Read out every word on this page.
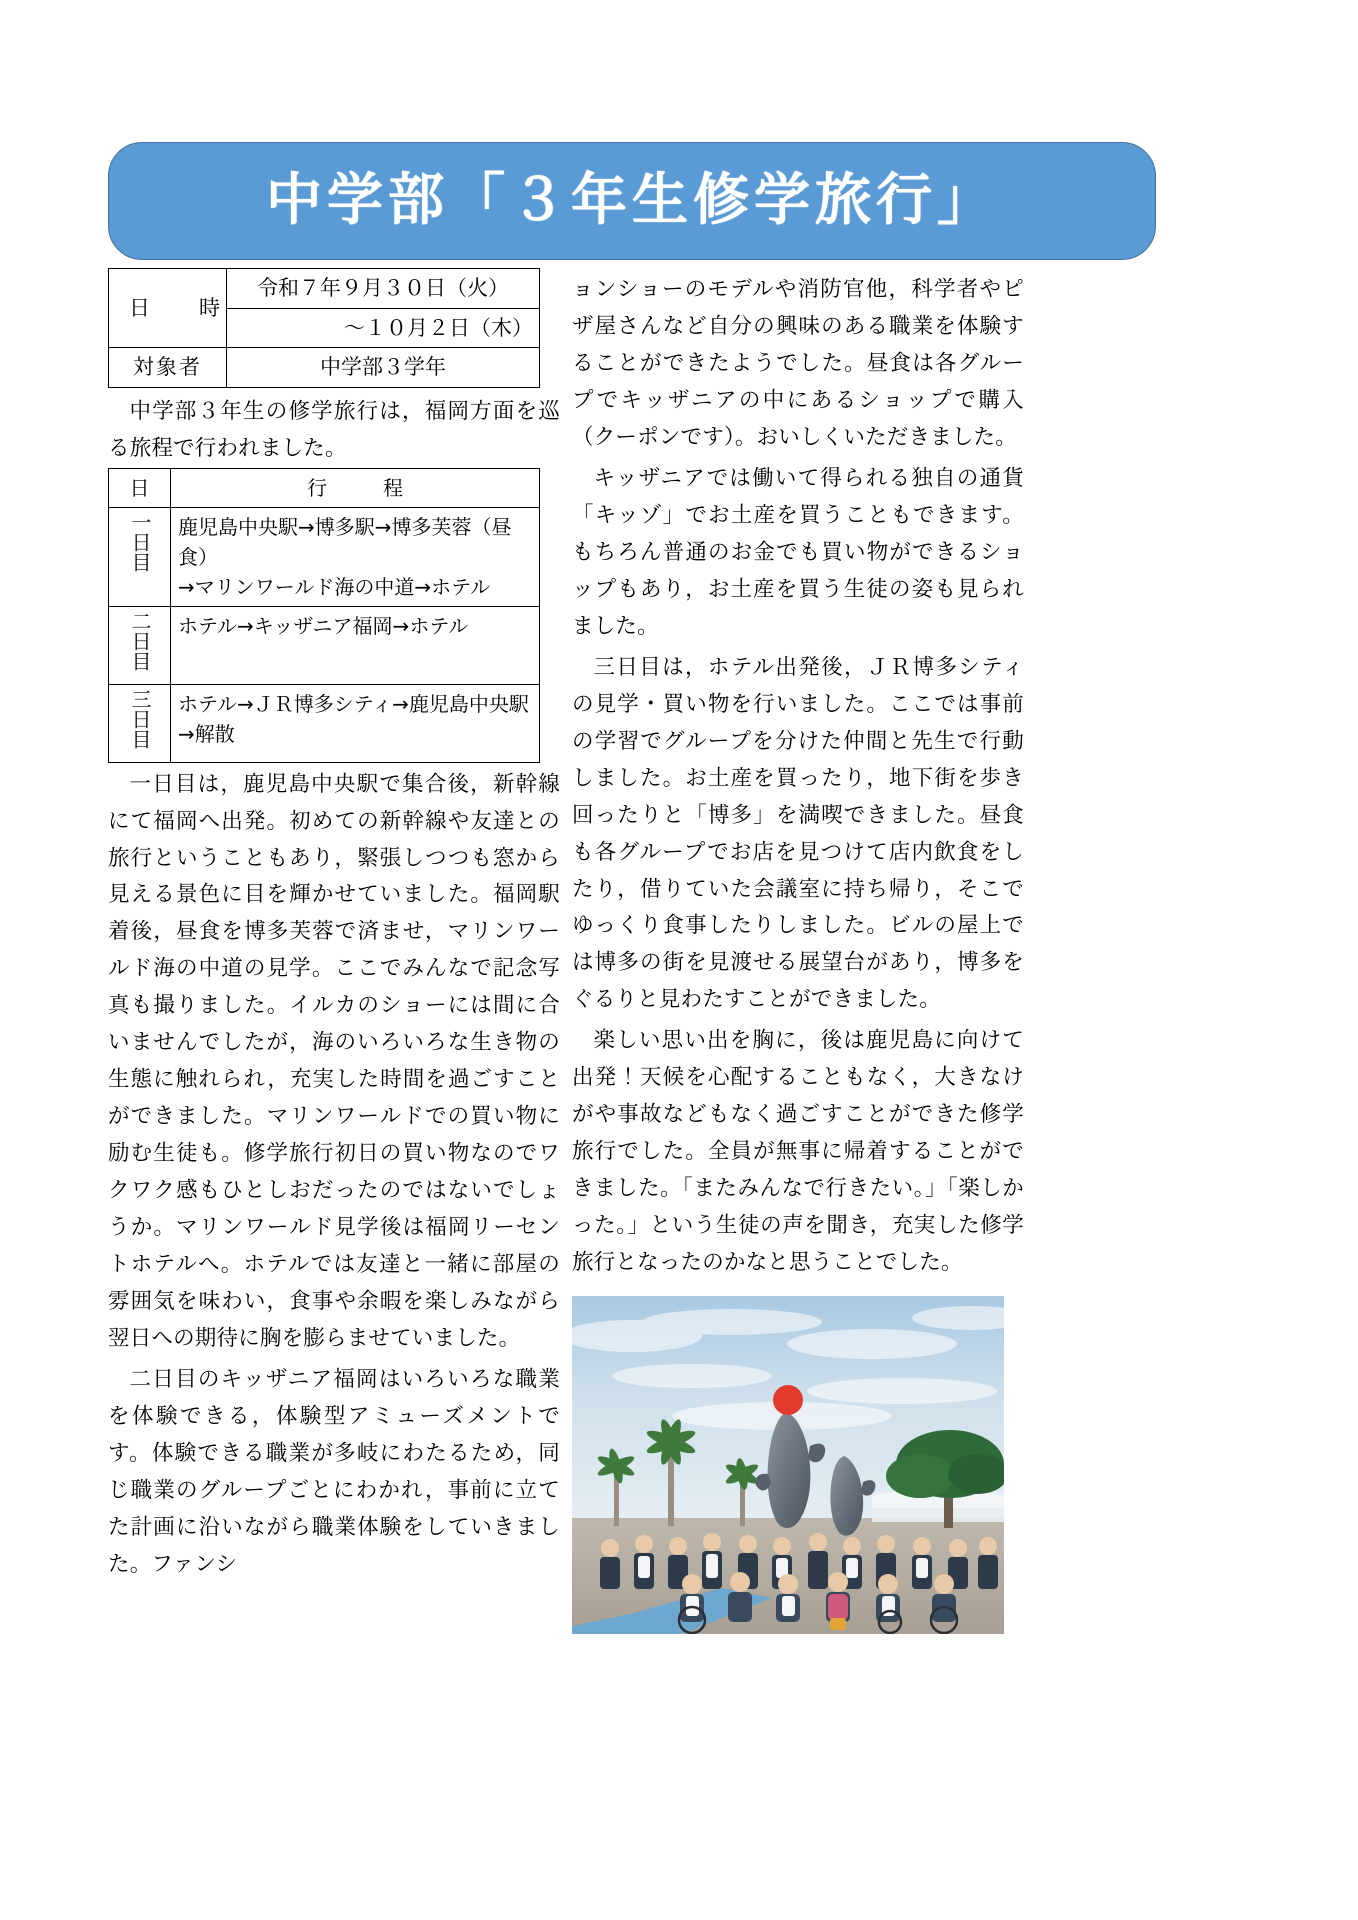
中学部「３年生修学旅行」
日　時	令和７年９月３０日（火）
	～１０月２日（木）
対象者	中学部３学年

中学部３年生の修学旅行は，福岡方面を巡る旅程で行われました。

日	行　程
一日目	鹿児島中央駅→博多駅→博多芙蓉（昼食）
→マリンワールド海の中道→ホテル

二日目	ホテル→キッザニア福岡→ホテル

三日目	ホテル→ＪＲ博多シティ→鹿児島中央駅
→解散

一日目は，鹿児島中央駅で集合後，新幹線にて福岡へ出発。初めての新幹線や友達との旅行ということもあり，緊張しつつも窓から見える景色に目を輝かせていました。福岡駅着後，昼食を博多芙蓉で済ませ，マリンワールド海の中道の見学。ここでみんなで記念写真も撮りました。イルカのショーには間に合いませんでしたが，海のいろいろな生き物の生態に触れられ，充実した時間を過ごすことができました。マリンワールドでの買い物に励む生徒も。修学旅行初日の買い物なのでワクワク感もひとしおだったのではないでしょうか。マリンワールド見学後は福岡リーセントホテルへ。ホテルでは友達と一緒に部屋の雰囲気を味わい，食事や余暇を楽しみながら翌日への期待に胸を膨らませていました。

二日目のキッザニア福岡はいろいろな職業を体験できる，体験型アミューズメントです。体験できる職業が多岐にわたるため，同じ職業のグループごとにわかれ，事前に立てた計画に沿いながら職業体験をしていきました。ファンシ

ョンショーのモデルや消防官他，科学者やピザ屋さんなど自分の興味のある職業を体験することができたようでした。昼食は各グループでキッザニアの中にあるショップで購入（クーポンです）。おいしくいただきました。

キッザニアでは働いて得られる独自の通貨「キッゾ」でお土産を買うこともできます。もちろん普通のお金でも買い物ができるショップもあり，お土産を買う生徒の姿も見られました。

三日目は，ホテル出発後，ＪＲ博多シティの見学・買い物を行いました。ここでは事前の学習でグループを分けた仲間と先生で行動しました。お土産を買ったり，地下街を歩き回ったりと「博多」を満喫できました。昼食も各グループでお店を見つけて店内飲食をしたり，借りていた会議室に持ち帰り，そこでゆっくり食事したりしました。ビルの屋上では博多の街を見渡せる展望台があり，博多をぐるりと見わたすことができました。

楽しい思い出を胸に，後は鹿児島に向けて出発！天候を心配することもなく，大きなけがや事故などもなく過ごすことができた修学旅行でした。全員が無事に帰着することができました。「またみんなで行きたい。」「楽しかった。」という生徒の声を聞き，充実した修学旅行となったのかなと思うことでした。
